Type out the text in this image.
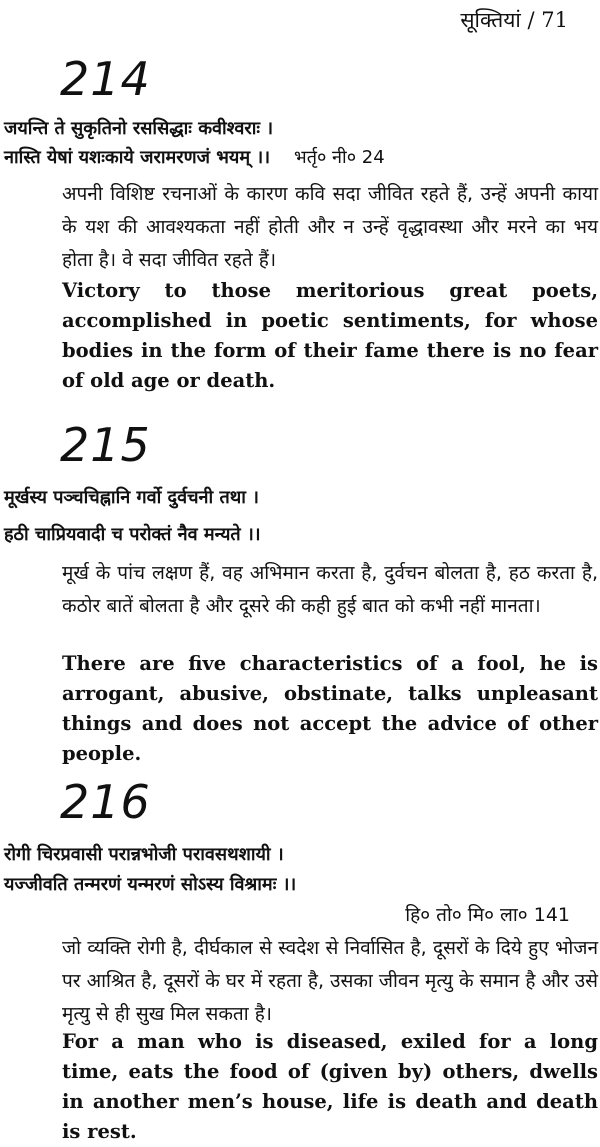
सूक्तियां / 71
214
जयन्ति ते सुकृतिनो रससिद्धाः कवीश्वराः ।
नास्ति येषां यशःकाये जरामरणजं भयम् ।। भर्तृ० नी० 24
अपनी विशिष्ट रचनाओं के कारण कवि सदा जीवित रहते हैं, उन्हें अपनी काया के यश की आवश्यकता नहीं होती और न उन्हें वृद्धावस्था और मरने का भय होता है। वे सदा जीवित रहते हैं।
Victory to those meritorious great poets, accomplished in poetic sentiments, for whose bodies in the form of their fame there is no fear of old age or death.
215
मूर्खस्य पञ्चचिह्नानि गर्वो दुर्वचनी तथा ।
हठी चाप्रियवादी च परोक्तं नैव मन्यते ।।
मूर्ख के पांच लक्षण हैं, वह अभिमान करता है, दुर्वचन बोलता है, हठ करता है, कठोर बातें बोलता है और दूसरे की कही हुई बात को कभी नहीं मानता।
There are five characteristics of a fool, he is arrogant, abusive, obstinate, talks unpleasant things and does not accept the advice of other people.
216
रोगी चिरप्रवासी परान्नभोजी परावसथशायी ।
यज्जीवति तन्मरणं यन्मरणं सोऽस्य विश्रामः ।।
हि० तो० मि० ला० 141
जो व्यक्ति रोगी है, दीर्घकाल से स्वदेश से निर्वासित है, दूसरों के दिये हुए भोजन पर आश्रित है, दूसरों के घर में रहता है, उसका जीवन मृत्यु के समान है और उसे मृत्यु से ही सुख मिल सकता है।
For a man who is diseased, exiled for a long time, eats the food of (given by) others, dwells in another men’s house, life is death and death is rest.
